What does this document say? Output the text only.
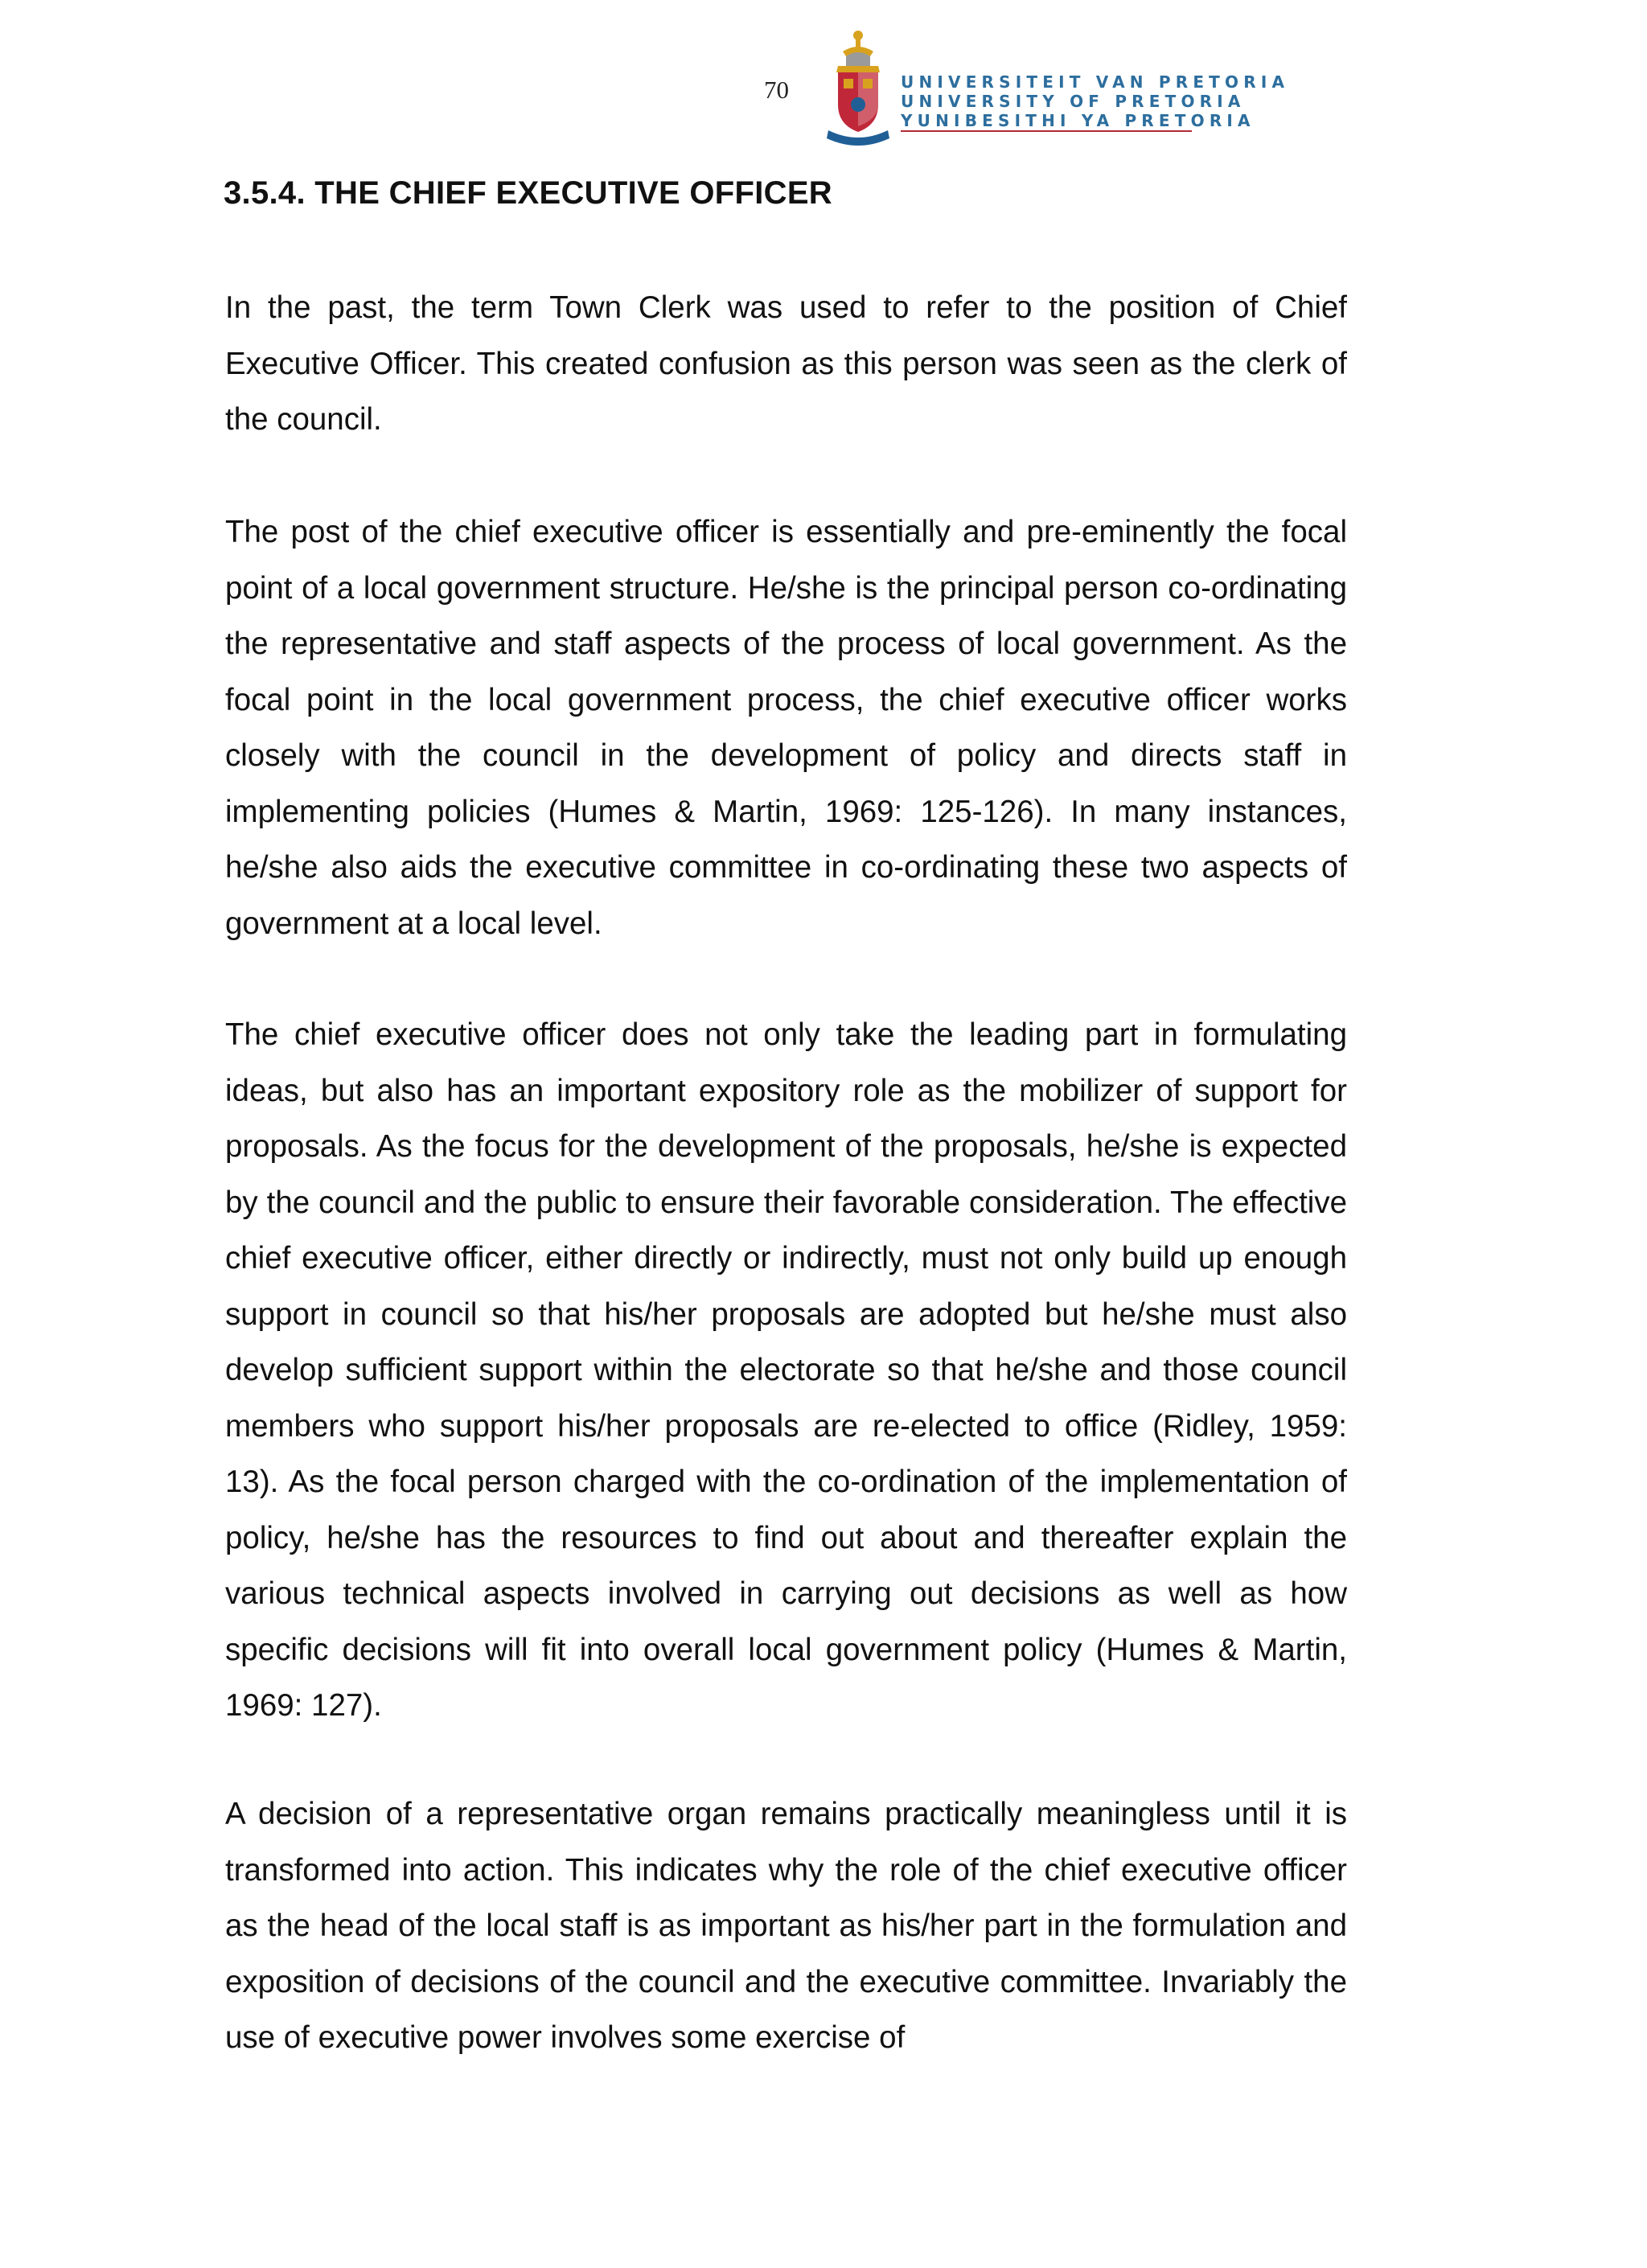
70	UNIVERSITEIT VAN PRETORIA
UNIVERSITY OF PRETORIA
YUNIBESITHI YA PRETORIA
3.5.4. THE CHIEF EXECUTIVE OFFICER

In the past, the term Town Clerk was used to refer to the position of Chief Executive Officer. This created confusion as this person was seen as the clerk of the council.

The post of the chief executive officer is essentially and pre-eminently the focal point of a local government structure. He/she is the principal person co-ordinating the representative and staff aspects of the process of local government. As the focal point in the local government process, the chief executive officer works closely with the council in the development of policy and directs staff in implementing policies (Humes & Martin, 1969: 125-126). In many instances, he/she also aids the executive committee in co-ordinating these two aspects of government at a local level.

The chief executive officer does not only take the leading part in formulating ideas, but also has an important expository role as the mobilizer of support for proposals. As the focus for the development of the proposals, he/she is expected by the council and the public to ensure their favorable consideration. The effective chief executive officer, either directly or indirectly, must not only build up enough support in council so that his/her proposals are adopted but he/she must also develop sufficient support within the electorate so that he/she and those council members who support his/her proposals are re-elected to office (Ridley, 1959: 13). As the focal person charged with the co-ordination of the implementation of policy, he/she has the resources to find out about and thereafter explain the various technical aspects involved in carrying out decisions as well as how specific decisions will fit into overall local government policy (Humes & Martin, 1969: 127).

A decision of a representative organ remains practically meaningless until it is transformed into action. This indicates why the role of the chief executive officer as the head of the local staff is as important as his/her part in the formulation and exposition of decisions of the council and the executive committee. Invariably the use of executive power involves some exercise of
